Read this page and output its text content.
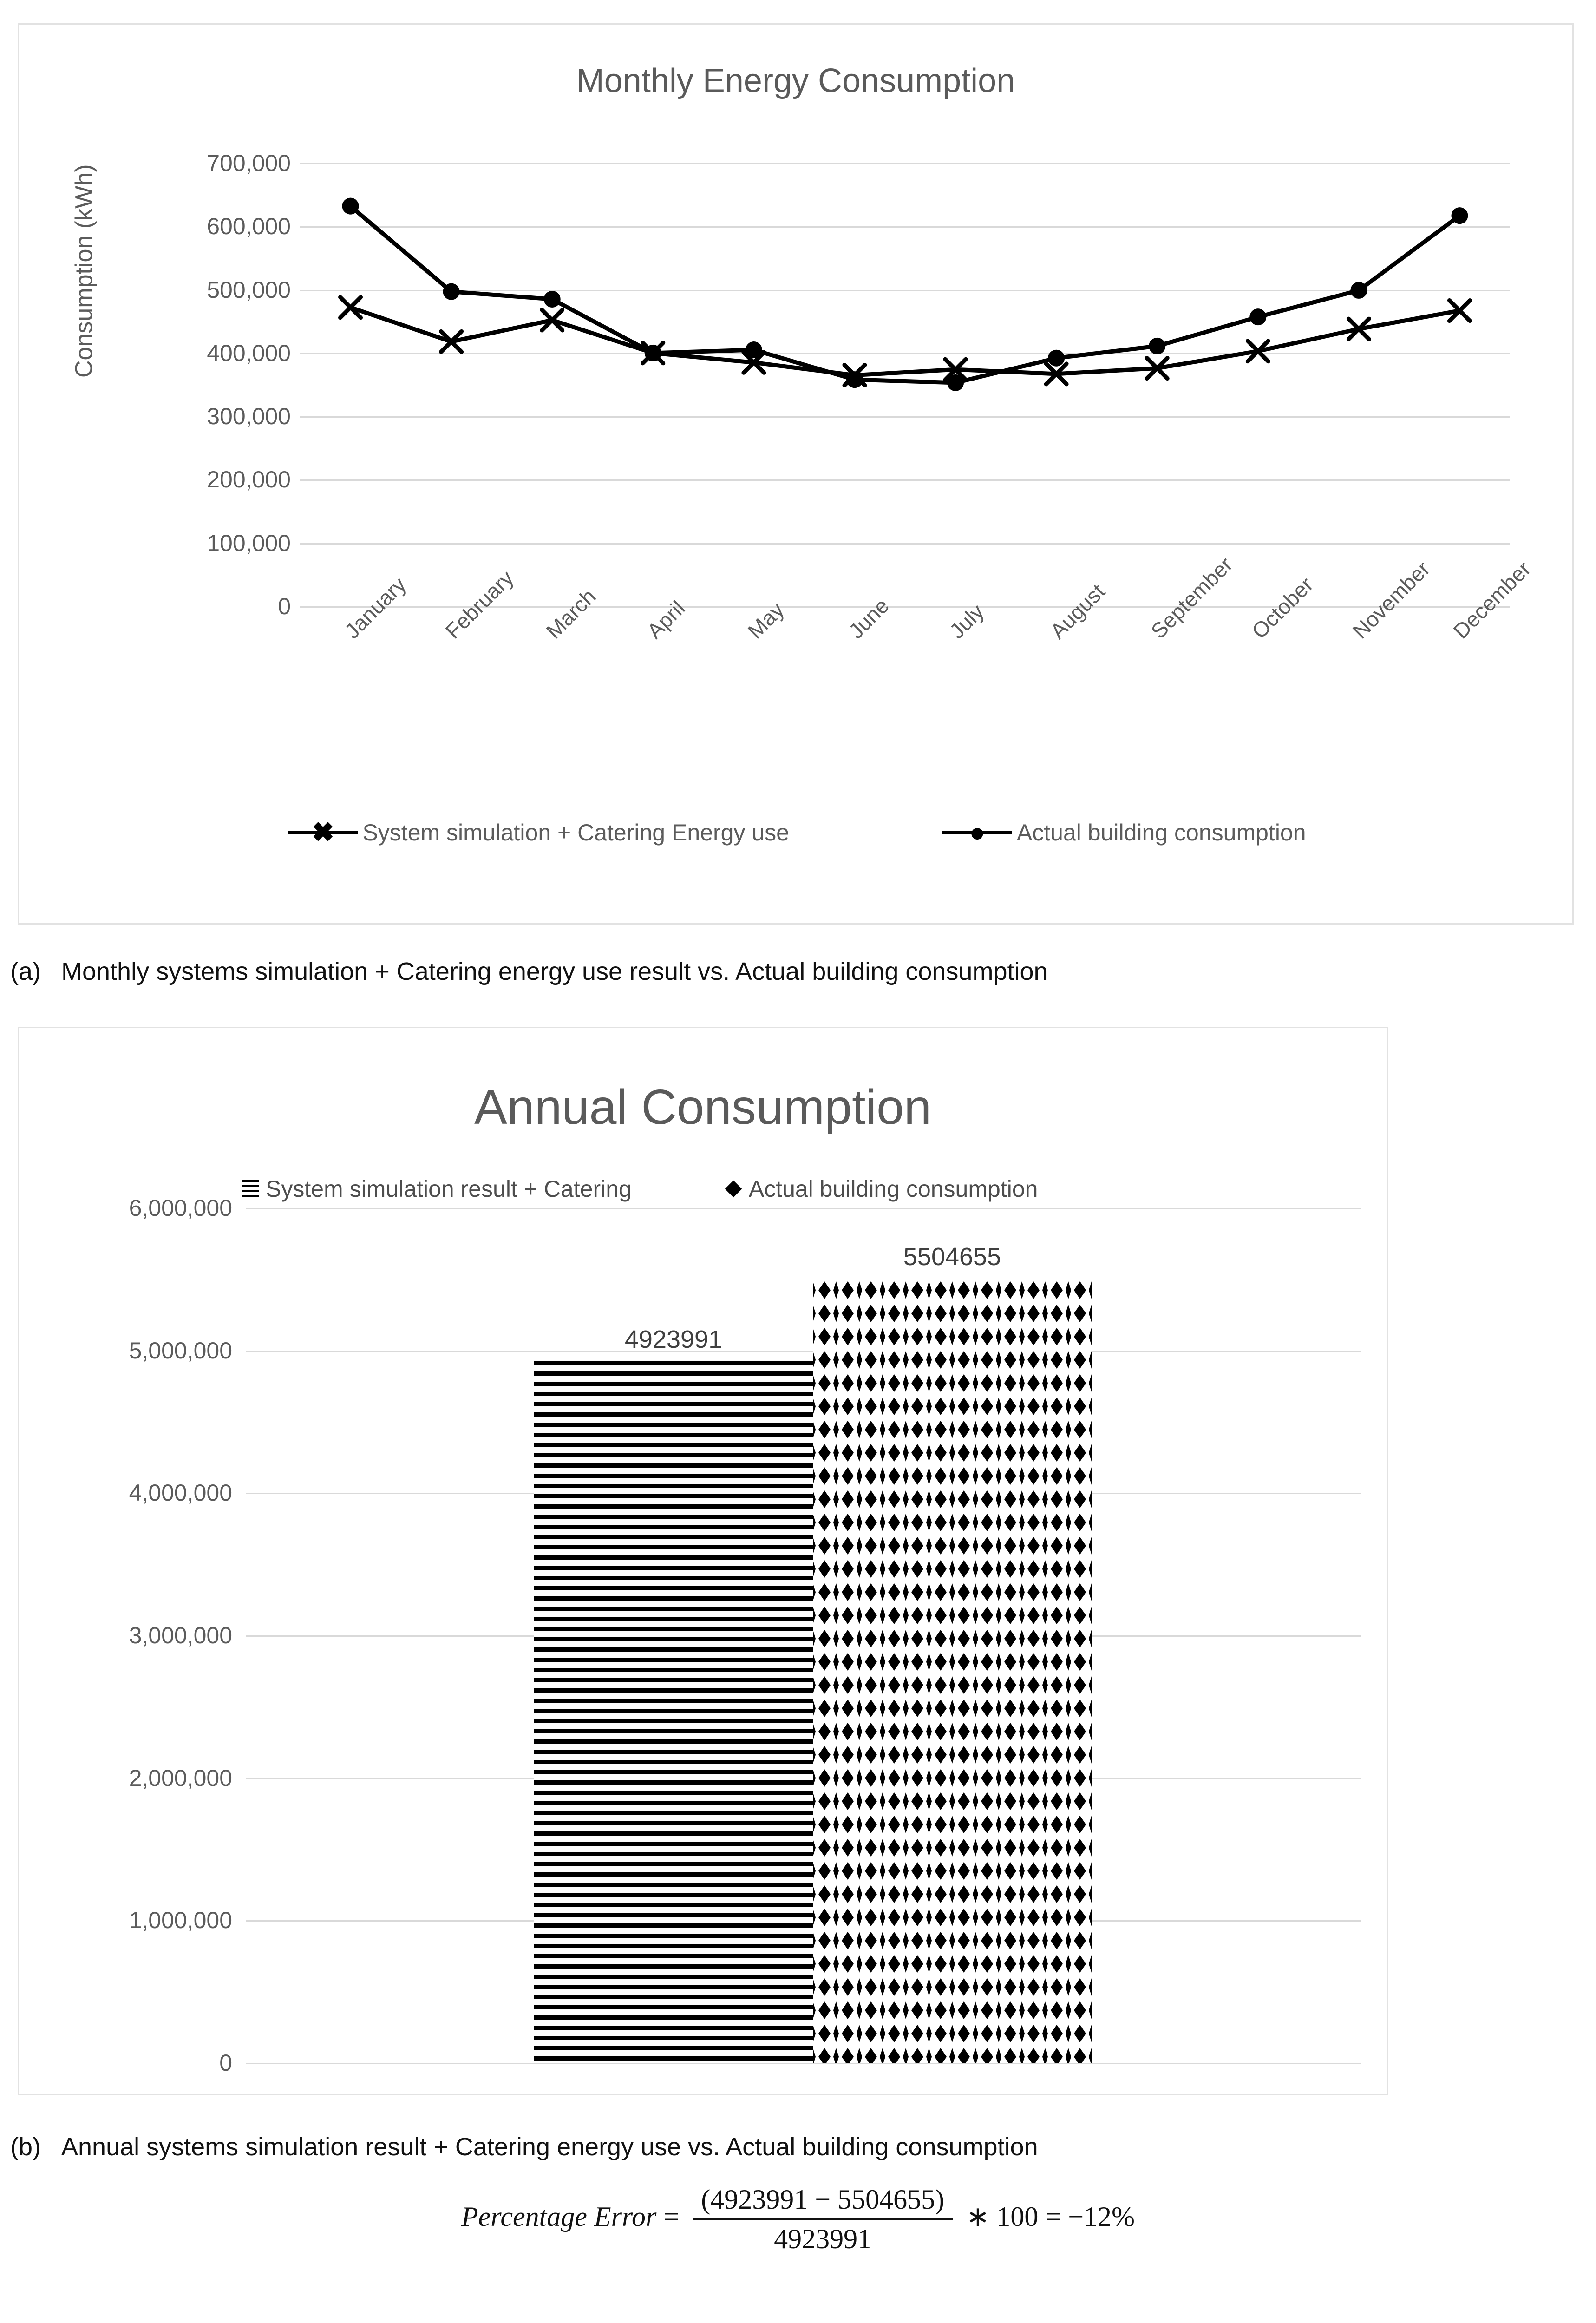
Monthly Energy Consumption
Consumption (kWh)
700,000
600,000
500,000
400,000
300,000
200,000
100,000
0 January February March April	May	June July	August September October November December
✖ System simulation + Catering Energy use	● Actual building consumption
(a) Monthly systems simulation + Catering energy use result vs. Actual building consumption
Annual Consumption
System simulation result + Catering	Actual building consumption
6,000,000
5,000,000
4,000,000
3,000,000
2,000,000
1,000,000
0
4923991
5504655
(b) Annual systems simulation result + Catering energy use vs. Actual building consumption
Percentage Error = $\frac{(4923991 - 5504655)}{4923991}$ ∗ 100 = −12%
